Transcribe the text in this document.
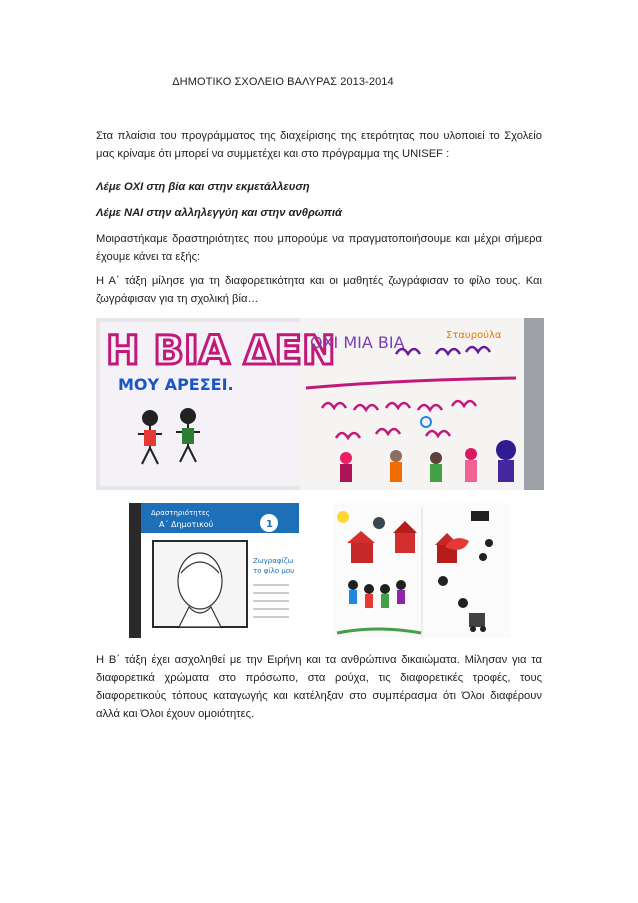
ΔΗΜΟΤΙΚΟ ΣΧΟΛΕΙΟ ΒΑΛΥΡΑΣ 2013-2014
Στα πλαίσια του προγράμματος της διαχείρισης της ετερότητας που υλοποιεί το Σχολείο μας κρίναμε ότι μπορεί να συμμετέχει και στο πρόγραμμα της UNISEF :
Λέμε ΟΧΙ στη βία και στην εκμετάλλευση
Λέμε ΝΑΙ στην αλληλεγγύη και στην ανθρωπιά
Μοιραστήκαμε δραστηριότητες που μπορούμε να πραγματοποιήσουμε και μέχρι σήμερα έχουμε κάνει τα εξής:
Η Α΄ τάξη μίλησε για τη διαφορετικότητα και οι μαθητές ζωγράφισαν το φίλο τους. Και ζωγράφισαν για τη σχολική βία…
Η ΒΙΑ ΔΕΝ
ΜΟΥ ΑΡΕΣΕΙ.
ΟΧΙ ΜΙΑ ΒΙΑ	Σταυρούλα
Δραστηριότητες
Α΄ Δημοτικού	1
Ζωγραφίζω
το φίλο μου
Η Β΄ τάξη έχει ασχοληθεί με την Ειρήνη και τα ανθρώπινα δικαιώματα. Μίλησαν για τα διαφορετικά χρώματα στο πρόσωπο, στα ρούχα, τις διαφορετικές τροφές, τους διαφορετικούς τόπους καταγωγής και κατέληξαν στο συμπέρασμα ότι Όλοι διαφέρουν αλλά και Όλοι έχουν ομοιότητες.
